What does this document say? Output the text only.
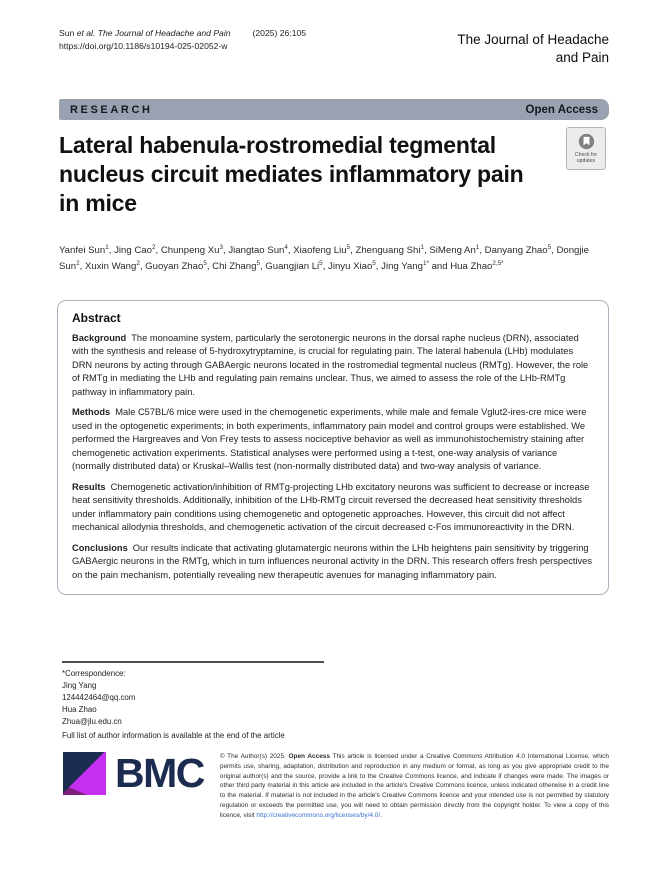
Sun et al. The Journal of Headache and Pain	(2025) 26:105
https://doi.org/10.1186/s10194-025-02052-w	The Journal of Headache
and Pain
RESEARCH	Open Access
Lateral habenula-rostromedial tegmental
nucleus circuit mediates inflammatory pain
in mice
Check for
updates
Yanfei Sun$^1$, Jing Cao$^2$, Chunpeng Xu$^3$, Jiangtao Sun$^4$, Xiaofeng Liu$^5$, Zhenguang Shi$^1$, SiMeng An$^1$, Danyang Zhao$^5$, Dongjie Sun$^2$, Xuxin Wang$^2$, Guoyan Zhao$^5$, Chi Zhang$^5$, Guangjian Li$^5$, Jinyu Xiao$^5$, Jing Yang$^{1*}$ and Hua Zhao$^{2,5*}$
Abstract

Background The monoamine system, particularly the serotonergic neurons in the dorsal raphe nucleus (DRN), associated with the synthesis and release of 5-hydroxytryptamine, is crucial for regulating pain. The lateral habenula (LHb) modulates DRN neurons by acting through GABAergic neurons located in the rostromedial tegmental nucleus (RMTg). However, the role of RMTg in mediating the LHb and regulating pain remains unclear. Thus, we aimed to assess the role of the LHb-RMTg pathway in inflammatory pain.

Methods Male C57BL/6 mice were used in the chemogenetic experiments, while male and female Vglut2-ires-cre mice were used in the optogenetic experiments; in both experiments, inflammatory pain model and control groups were established. We performed the Hargreaves and Von Frey tests to assess nociceptive behavior as well as immunohistochemistry staining after chemogenetic activation experiments. Statistical analyses were performed using a t-test, one-way analysis of variance (normally distributed data) or Kruskal–Wallis test (non-normally distributed data) and two-way analysis of variance.

Results Chemogenetic activation/inhibition of RMTg-projecting LHb excitatory neurons was sufficient to decrease or increase heat sensitivity thresholds. Additionally, inhibition of the LHb-RMTg circuit reversed the decreased heat sensitivity thresholds under inflammatory pain conditions using chemogenetic and optogenetic approaches. However, this circuit did not affect mechanical allodynia thresholds, and chemogenetic activation of the circuit decreased c-Fos immunoreactivity in the DRN.

Conclusions Our results indicate that activating glutamatergic neurons within the LHb heightens pain sensitivity by triggering GABAergic neurons in the RMTg, which in turn influences neuronal activity in the DRN. This research offers fresh perspectives on the pain mechanism, potentially revealing new therapeutic avenues for managing inflammatory pain.

*Correspondence:
Jing Yang
124442464@qq.com
Hua Zhao
Zhua@jlu.edu.cn
Full list of author information is available at the end of the article
BMC © The Author(s) 2025. Open Access This article is licensed under a Creative Commons Attribution 4.0 International License, which permits use, sharing, adaptation, distribution and reproduction in any medium or format, as long as you give appropriate credit to the original author(s) and the source, provide a link to the Creative Commons licence, and indicate if changes were made. The images or other third party material in this article are included in the article's Creative Commons licence, unless indicated otherwise in a credit line to the material. If material is not included in the article's Creative Commons licence and your intended use is not permitted by statutory regulation or exceeds the permitted use, you will need to obtain permission directly from the copyright holder. To view a copy of this licence, visit http://creativecommons.org/licenses/by/4.0/.
